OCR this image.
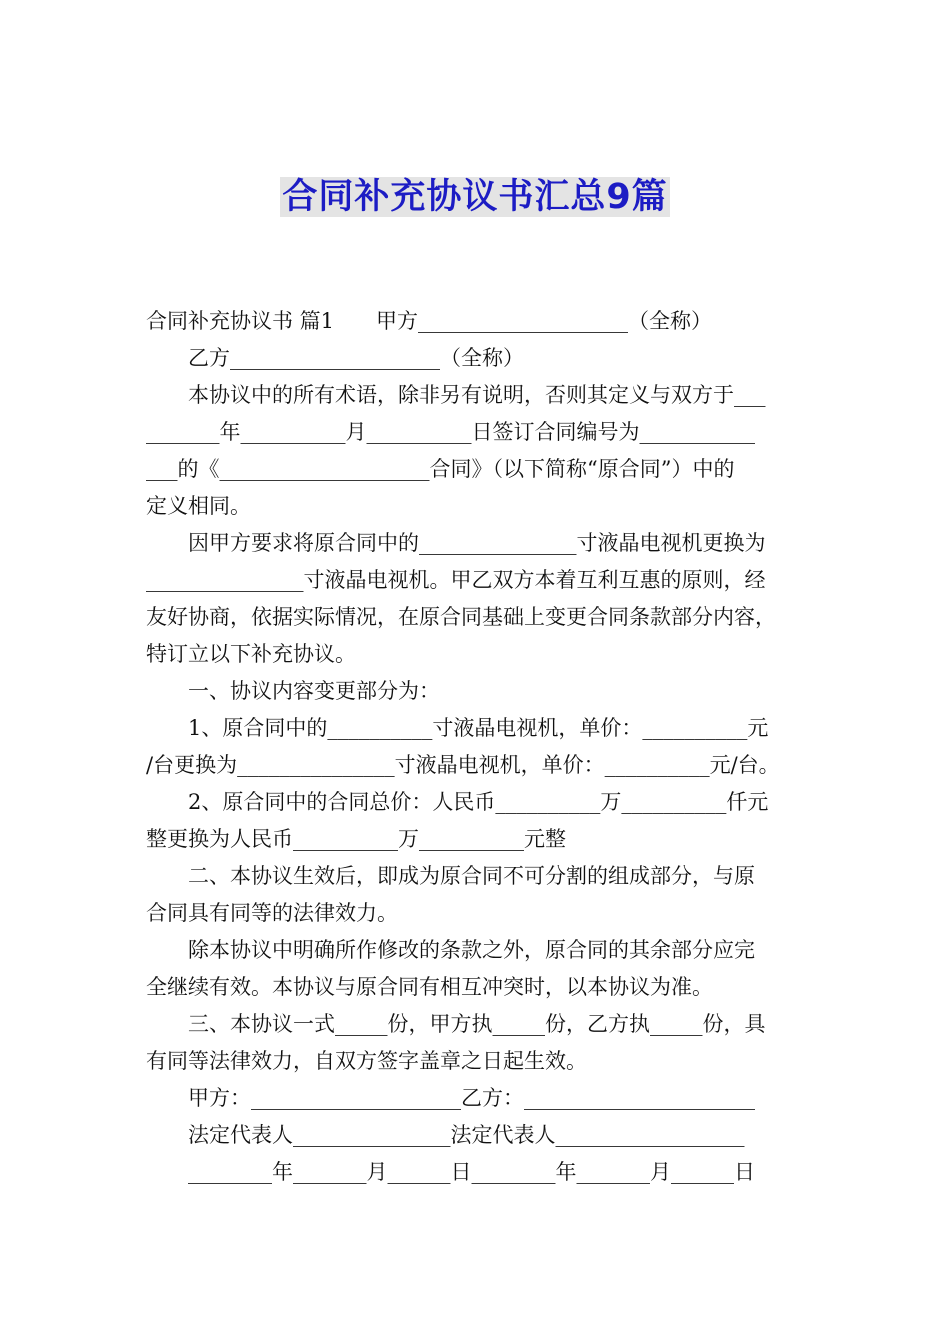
合同补充协议书汇总9篇
合同补充协议书 篇1　　甲方____________________（全称）
乙方____________________（全称）
本协议中的所有术语，除非另有说明，否则其定义与双方于___
_______年__________月__________日签订合同编号为___________
___的《____________________合同》（以下简称“原合同”）中的
定义相同。
因甲方要求将原合同中的_______________寸液晶电视机更换为
_______________寸液晶电视机。甲乙双方本着互利互惠的原则，经
友好协商，依据实际情况，在原合同基础上变更合同条款部分内容，
特订立以下补充协议。
一、协议内容变更部分为：
1、原合同中的__________寸液晶电视机，单价：__________元
/台更换为_______________寸液晶电视机，单价：__________元/台。
2、原合同中的合同总价：人民币__________万__________仟元
整更换为人民币__________万__________元整
二、本协议生效后，即成为原合同不可分割的组成部分，与原
合同具有同等的法律效力。
除本协议中明确所作修改的条款之外，原合同的其余部分应完
全继续有效。本协议与原合同有相互冲突时，以本协议为准。
三、本协议一式_____份，甲方执_____份，乙方执_____份，具
有同等法律效力，自双方签字盖章之日起生效。
甲方：____________________乙方：______________________
法定代表人_______________法定代表人__________________
________年_______月______日________年_______月______日
